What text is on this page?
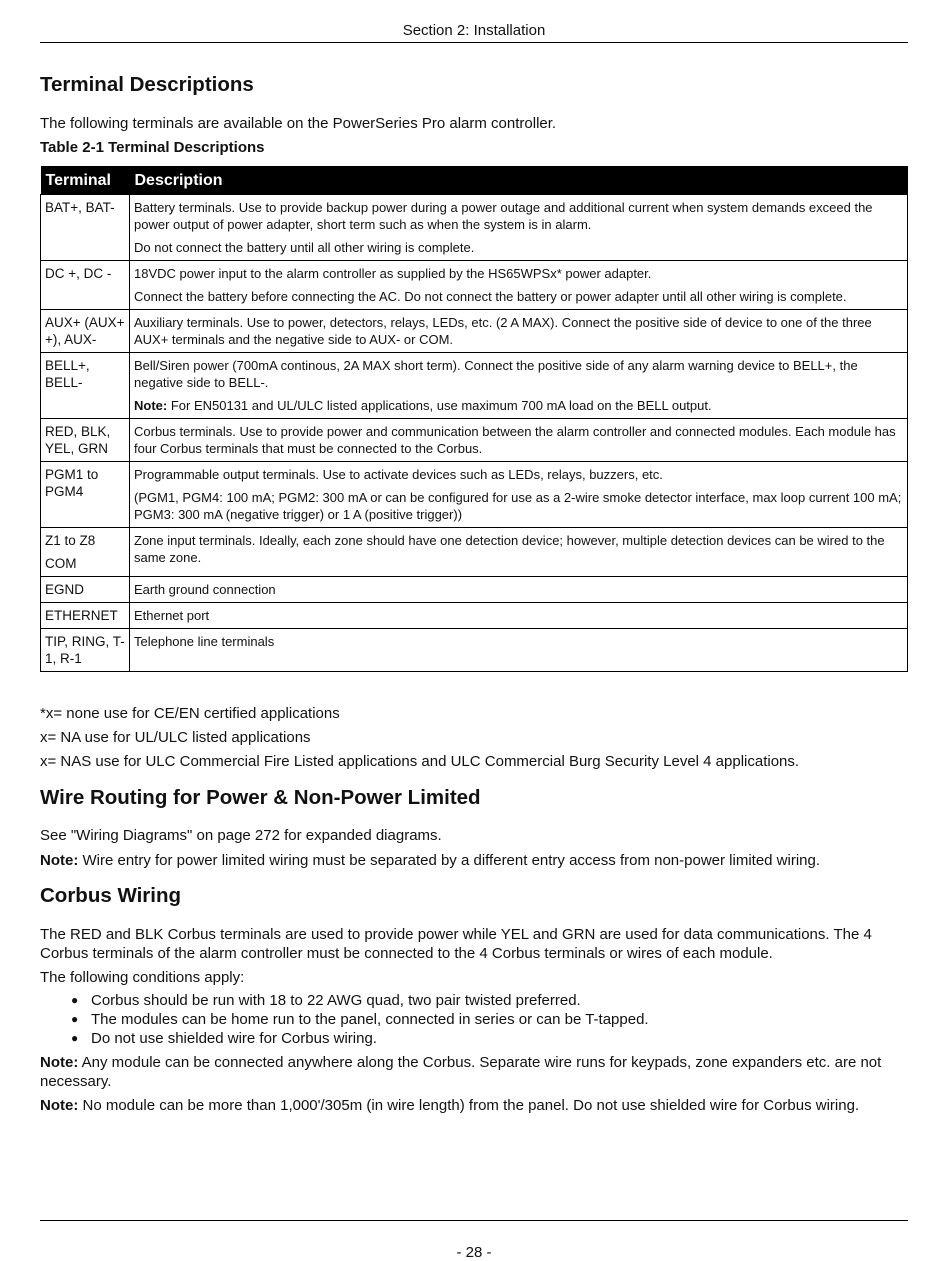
Section 2: Installation
Terminal Descriptions

The following terminals are available on the PowerSeries Pro alarm controller.

Table 2-1 Terminal Descriptions

Terminal	Description
BAT+, BAT-	Battery terminals. Use to provide backup power during a power outage and additional current when system demands exceed the power output of power adapter, short term such as when the system is in alarm.

Do not connect the battery until all other wiring is complete.

DC +, DC -	18VDC power input to the alarm controller as supplied by the HS65WPSx* power adapter.

Connect the battery before connecting the AC. Do not connect the battery or power adapter until all other wiring is complete.

AUX+ (AUX+ +), AUX-	Auxiliary terminals. Use to power, detectors, relays, LEDs, etc. (2 A MAX). Connect the positive side of device to one of the three AUX+ terminals and the negative side to AUX- or COM.

BELL+, BELL-	Bell/Siren power (700mA continous, 2A MAX short term). Connect the positive side of any alarm warning device to BELL+, the negative side to BELL-.

Note: For EN50131 and UL/ULC listed applications, use maximum 700 mA load on the BELL output.

RED, BLK, YEL, GRN	Corbus terminals. Use to provide power and communication between the alarm controller and connected modules. Each module has four Corbus terminals that must be connected to the Corbus.

PGM1 to PGM4	Programmable output terminals. Use to activate devices such as LEDs, relays, buzzers, etc.

(PGM1, PGM4: 100 mA; PGM2: 300 mA or can be configured for use as a 2-wire smoke detector interface, max loop current 100 mA;

PGM3: 300 mA (negative trigger) or 1 A (positive trigger))

Z1 to Z8

COM	Zone input terminals. Ideally, each zone should have one detection device; however, multiple detection devices can be wired to the same zone.

EGND	Earth ground connection

ETHERNET	Ethernet port

TIP, RING, T-1, R-1	Telephone line terminals

*x= none use for CE/EN certified applications

x= NA use for UL/ULC listed applications

x= NAS use for ULC Commercial Fire Listed applications and ULC Commercial Burg Security Level 4 applications.

Wire Routing for Power & Non-Power Limited

See "Wiring Diagrams" on page 272 for expanded diagrams.

Note: Wire entry for power limited wiring must be separated by a different entry access from non-power limited wiring.

Corbus Wiring

The RED and BLK Corbus terminals are used to provide power while YEL and GRN are used for data communications. The 4 Corbus terminals of the alarm controller must be connected to the 4 Corbus terminals or wires of each module.

The following conditions apply:

● Corbus should be run with 18 to 22 AWG quad, two pair twisted preferred.
● The modules can be home run to the panel, connected in series or can be T-tapped.
● Do not use shielded wire for Corbus wiring.

Note: Any module can be connected anywhere along the Corbus. Separate wire runs for keypads, zone expanders etc. are not necessary.

Note: No module can be more than 1,000'/305m (in wire length) from the panel. Do not use shielded wire for Corbus wiring.

- 28 -
